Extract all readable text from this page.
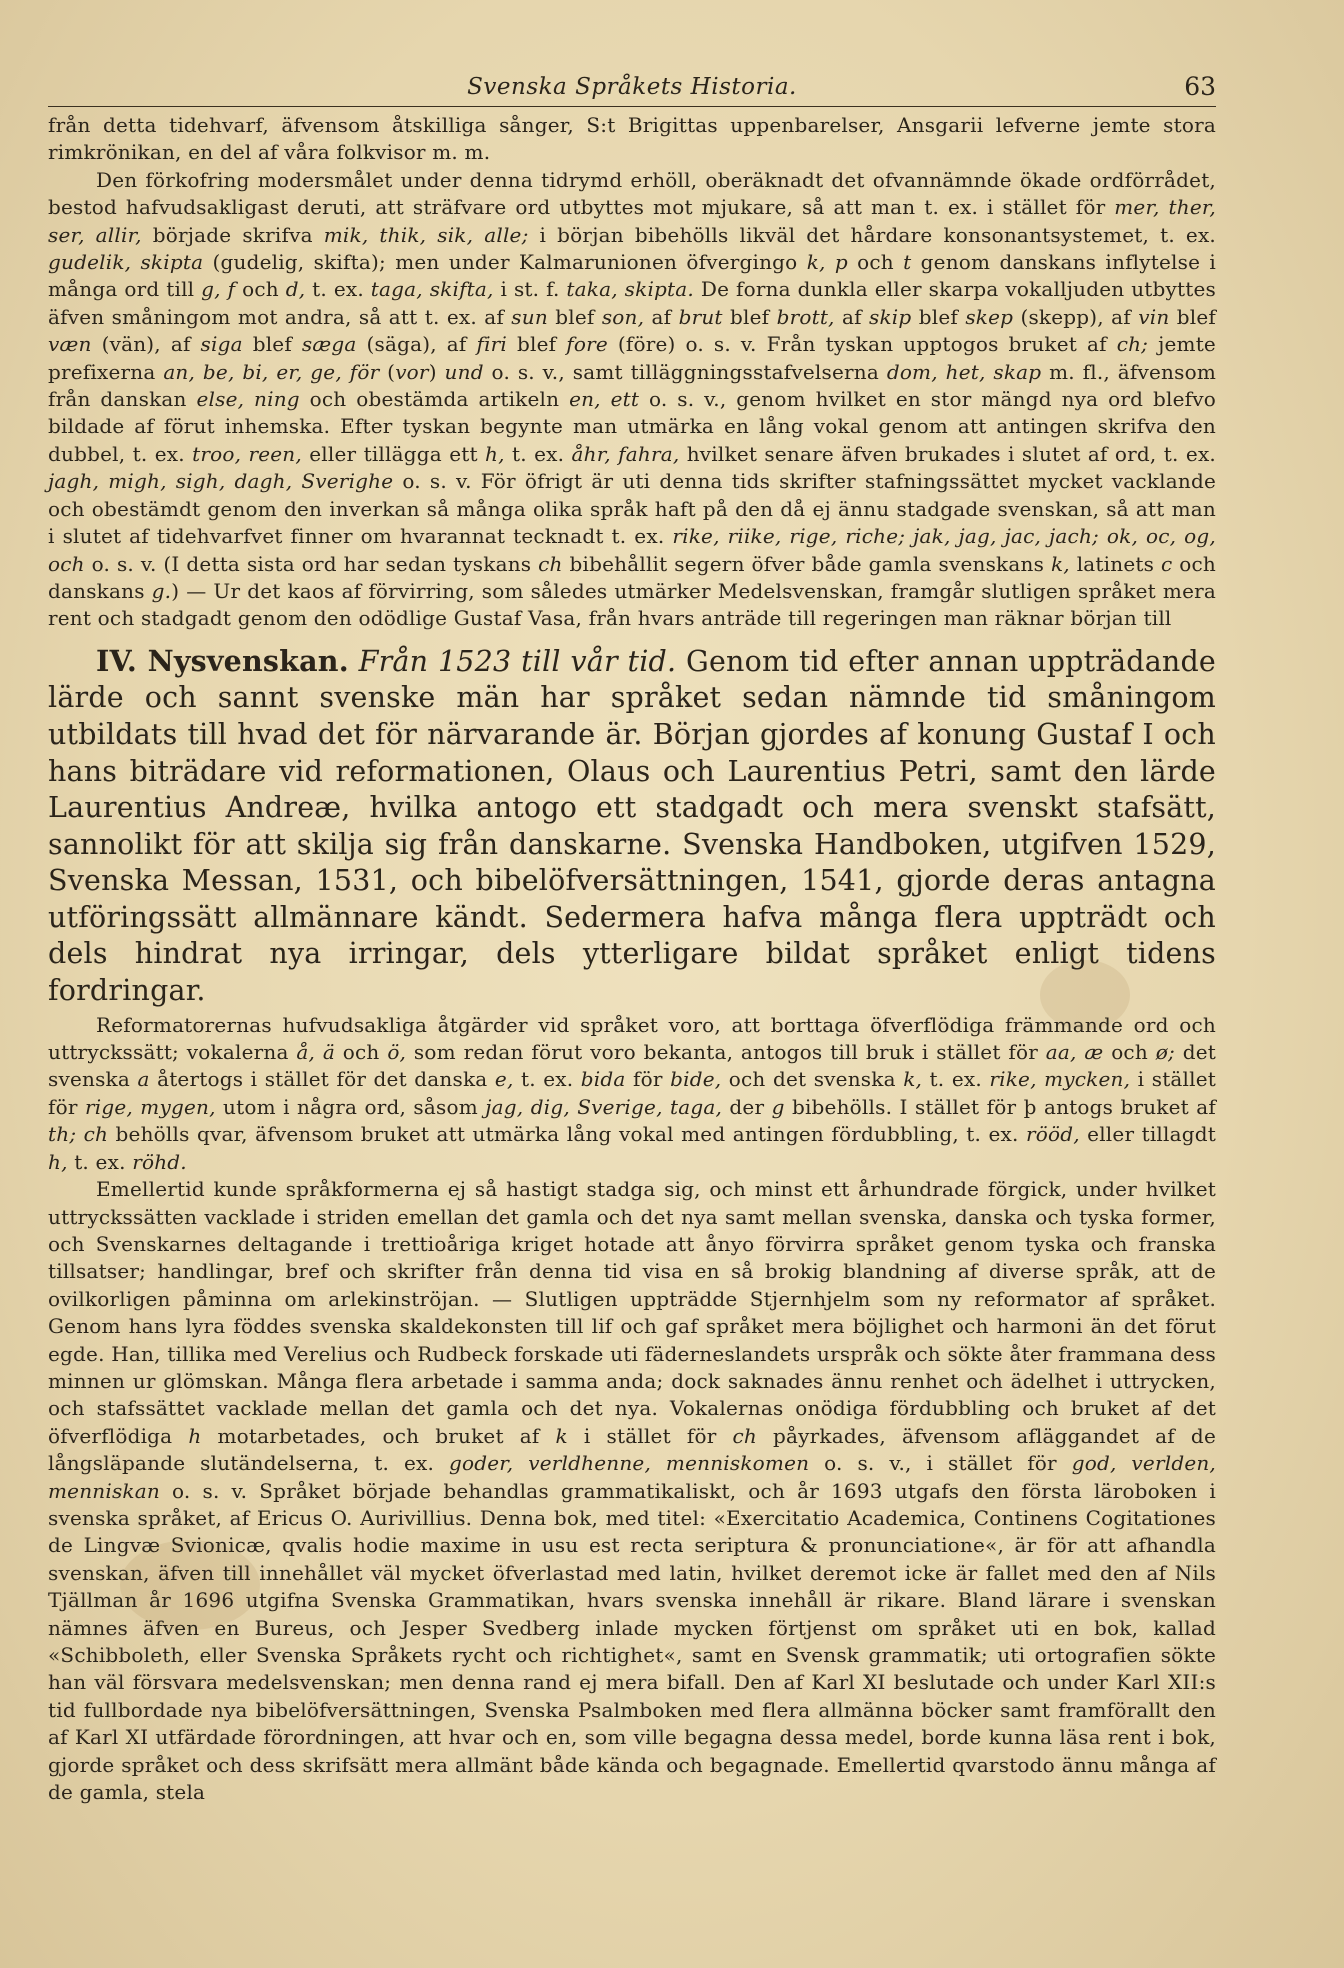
Svenska Språkets Historia.	63

från detta tidehvarf, äfvensom åtskilliga sånger, S:t Brigittas uppenbarelser, Ansgarii lefverne jemte stora rimkrönikan, en del af våra folkvisor m. m.

Den förkofring modersmålet under denna tidrymd erhöll, oberäknadt det ofvannämnde ökade ordförrådet, bestod hafvudsakligast deruti, att sträfvare ord utbyttes mot mjukare, så att man t. ex. i stället för mer, ther, ser, allir, började skrifva mik, thik, sik, alle; i början bibehölls likväl det hårdare konsonantsystemet, t. ex. gudelik, skipta (gudelig, skifta); men under Kalmarunionen öfvergingo k, p och t genom danskans inflytelse i många ord till g, f och d, t. ex. taga, skifta, i st. f. taka, skipta. De forna dunkla eller skarpa vokalljuden utbyttes äfven småningom mot andra, så att t. ex. af sun blef son, af brut blef brott, af skip blef skep (skepp), af vin blef væn (vän), af siga blef sæga (säga), af firi blef fore (före) o. s. v. Från tyskan upptogos bruket af ch; jemte prefixerna an, be, bi, er, ge, för (vor) und o. s. v., samt tilläggningsstafvelserna dom, het, skap m. fl., äfvensom från danskan else, ning och obestämda artikeln en, ett o. s. v., genom hvilket en stor mängd nya ord blefvo bildade af förut inhemska. Efter tyskan begynte man utmärka en lång vokal genom att antingen skrifva den dubbel, t. ex. troo, reen, eller tillägga ett h, t. ex. åhr, fahra, hvilket senare äfven brukades i slutet af ord, t. ex. jagh, migh, sigh, dagh, Sverighe o. s. v. För öfrigt är uti denna tids skrifter stafningssättet mycket vacklande och obestämdt genom den inverkan så många olika språk haft på den då ej ännu stadgade svenskan, så att man i slutet af tidehvarfvet finner om hvarannat tecknadt t. ex. rike, riike, rige, riche; jak, jag, jac, jach; ok, oc, og, och o. s. v. (I detta sista ord har sedan tyskans ch bibehållit segern öfver både gamla svenskans k, latinets c och danskans g.) — Ur det kaos af förvirring, som således utmärker Medelsvenskan, framgår slutligen språket mera rent och stadgadt genom den odödlige Gustaf Vasa, från hvars anträde till regeringen man räknar början till

IV. Nysvenskan. Från 1523 till vår tid. Genom tid efter annan uppträdande lärde och sannt svenske män har språket sedan nämnde tid småningom utbildats till hvad det för närvarande är. Början gjordes af konung Gustaf I och hans biträdare vid reformationen, Olaus och Laurentius Petri, samt den lärde Laurentius Andreæ, hvilka antogo ett stadgadt och mera svenskt stafsätt, sannolikt för att skilja sig från danskarne. Svenska Handboken, utgifven 1529, Svenska Messan, 1531, och bibelöfversättningen, 1541, gjorde deras antagna utföringssätt allmännare kändt. Sedermera hafva många flera uppträdt och dels hindrat nya irringar, dels ytterligare bildat språket enligt tidens fordringar.

Reformatorernas hufvudsakliga åtgärder vid språket voro, att borttaga öfverflödiga främmande ord och uttryckssätt; vokalerna å, ä och ö, som redan förut voro bekanta, antogos till bruk i stället för aa, æ och ø; det svenska a återtogs i stället för det danska e, t. ex. bida för bide, och det svenska k, t. ex. rike, mycken, i stället för rige, mygen, utom i några ord, såsom jag, dig, Sverige, taga, der g bibehölls. I stället för þ antogs bruket af th; ch behölls qvar, äfvensom bruket att utmärka lång vokal med antingen fördubbling, t. ex. rööd, eller tillagdt h, t. ex. röhd.

Emellertid kunde språkformerna ej så hastigt stadga sig, och minst ett århundrade förgick, under hvilket uttryckssätten vacklade i striden emellan det gamla och det nya samt mellan svenska, danska och tyska former, och Svenskarnes deltagande i trettioåriga kriget hotade att ånyo förvirra språket genom tyska och franska tillsatser; handlingar, bref och skrifter från denna tid visa en så brokig blandning af diverse språk, att de ovilkorligen påminna om arlekinströjan. — Slutligen uppträdde Stjernhjelm som ny reformator af språket. Genom hans lyra föddes svenska skaldekonsten till lif och gaf språket mera böjlighet och harmoni än det förut egde. Han, tillika med Verelius och Rudbeck forskade uti fäderneslandets urspråk och sökte åter frammana dess minnen ur glömskan. Många flera arbetade i samma anda; dock saknades ännu renhet och ädelhet i uttrycken, och stafssättet vacklade mellan det gamla och det nya. Vokalernas onödiga fördubbling och bruket af det öfverflödiga h motarbetades, och bruket af k i stället för ch påyrkades, äfvensom afläggandet af de långsläpande slutändelserna, t. ex. goder, verldhenne, menniskomen o. s. v., i stället för god, verlden, menniskan o. s. v. Språket började behandlas grammatikaliskt, och år 1693 utgafs den första läroboken i svenska språket, af Ericus O. Aurivillius. Denna bok, med titel: «Exercitatio Academica, Continens Cogitationes de Lingvæ Svionicæ, qvalis hodie maxime in usu est recta seriptura & pronunciatione«, är för att afhandla svenskan, äfven till innehållet väl mycket öfverlastad med latin, hvilket deremot icke är fallet med den af Nils Tjällman år 1696 utgifna Svenska Grammatikan, hvars svenska innehåll är rikare. Bland lärare i svenskan nämnes äfven en Bureus, och Jesper Svedberg inlade mycken förtjenst om språket uti en bok, kallad «Schibboleth, eller Svenska Språkets rycht och richtighet«, samt en Svensk grammatik; uti ortografien sökte han väl försvara medelsvenskan; men denna rand ej mera bifall. Den af Karl XI beslutade och under Karl XII:s tid fullbordade nya bibelöfversättningen, Svenska Psalmboken med flera allmänna böcker samt framförallt den af Karl XI utfärdade förordningen, att hvar och en, som ville begagna dessa medel, borde kunna läsa rent i bok, gjorde språket och dess skrifsätt mera allmänt både kända och begagnade. Emellertid qvarstodo ännu många af de gamla, stela
